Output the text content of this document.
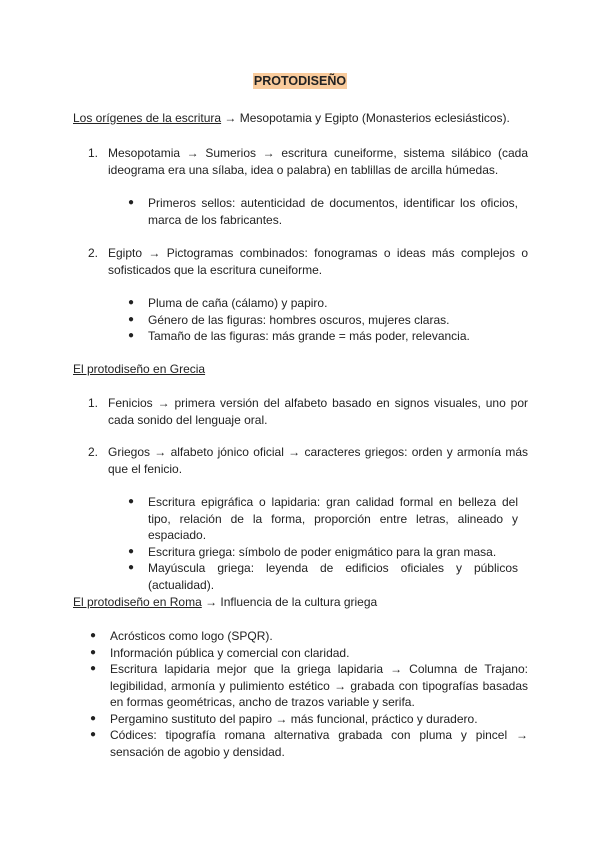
PROTODISEÑO
Los orígenes de la escritura → Mesopotamia y Egipto (Monasterios eclesiásticos).
1. Mesopotamia → Sumerios → escritura cuneiforme, sistema silábico (cada ideograma era una sílaba, idea o palabra) en tablillas de arcilla húmedas.
● Primeros sellos: autenticidad de documentos, identificar los oficios, marca de los fabricantes.
2. Egipto → Pictogramas combinados: fonogramas o ideas más complejos o sofisticados que la escritura cuneiforme.
● Pluma de caña (cálamo) y papiro.
● Género de las figuras: hombres oscuros, mujeres claras.
● Tamaño de las figuras: más grande = más poder, relevancia.
El protodiseño en Grecia
1. Fenicios → primera versión del alfabeto basado en signos visuales, uno por cada sonido del lenguaje oral.
2. Griegos → alfabeto jónico oficial → caracteres griegos: orden y armonía más que el fenicio.
● Escritura epigráfica o lapidaria: gran calidad formal en belleza del tipo, relación de la forma, proporción entre letras, alineado y espaciado.
● Escritura griega: símbolo de poder enigmático para la gran masa.
● Mayúscula griega: leyenda de edificios oficiales y públicos (actualidad).
El protodiseño en Roma → Influencia de la cultura griega
● Acrósticos como logo (SPQR).
● Información pública y comercial con claridad.
● Escritura lapidaria mejor que la griega lapidaria → Columna de Trajano: legibilidad, armonía y pulimiento estético → grabada con tipografías basadas en formas geométricas, ancho de trazos variable y serifa.
● Pergamino sustituto del papiro → más funcional, práctico y duradero.
● Códices: tipografía romana alternativa grabada con pluma y pincel → sensación de agobio y densidad.
